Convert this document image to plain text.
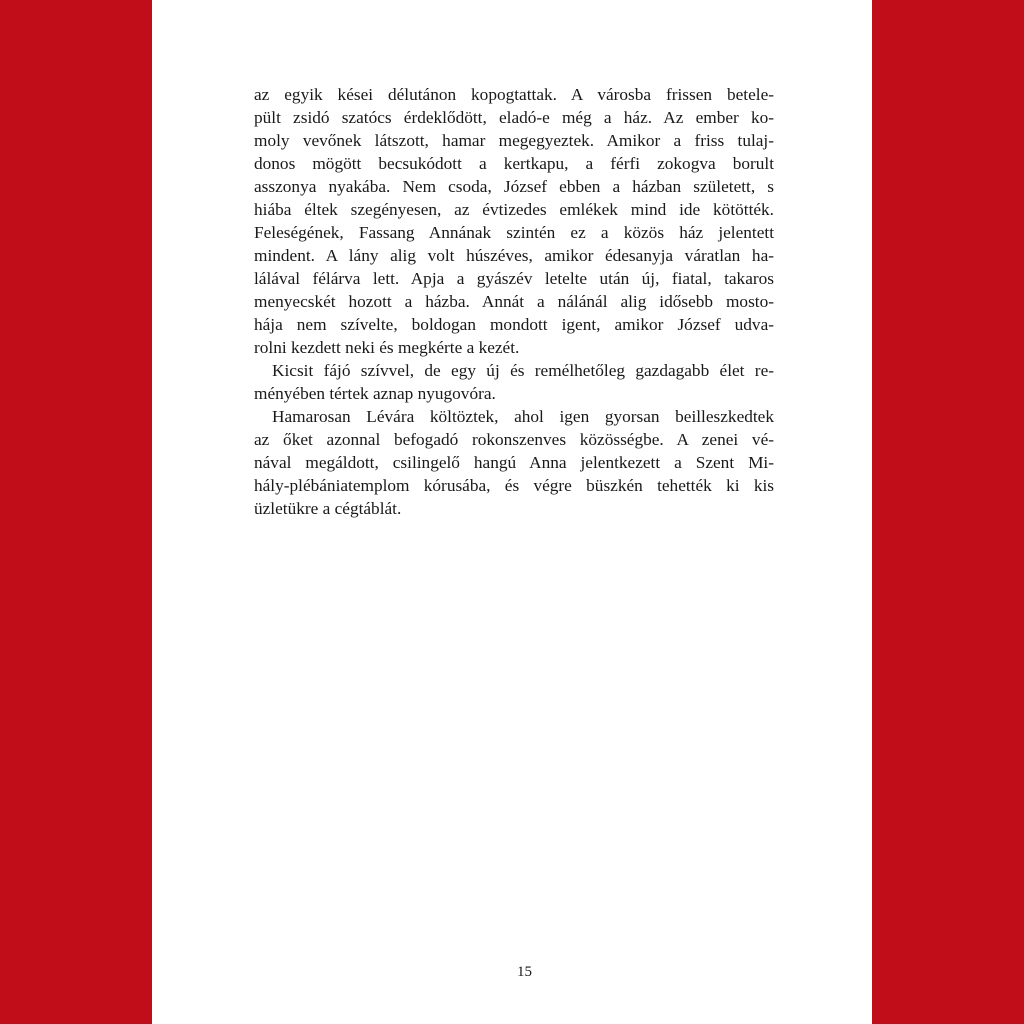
az egyik kései délutánon kopogtattak. A városba frissen betele-
pült zsidó szatócs érdeklődött, eladó-e még a ház. Az ember ko-
moly vevőnek látszott, hamar megegyeztek. Amikor a friss tulaj-
donos mögött becsukódott a kertkapu, a férfi zokogva borult
asszonya nyakába. Nem csoda, József ebben a házban született, s
hiába éltek szegényesen, az évtizedes emlékek mind ide kötötték.
Feleségének, Fassang Annának szintén ez a közös ház jelentett
mindent. A lány alig volt húszéves, amikor édesanyja váratlan ha-
lálával félárva lett. Apja a gyászév letelte után új, fiatal, takaros
menyecskét hozott a házba. Annát a nálánál alig idősebb mosto-
hája nem szívelte, boldogan mondott igent, amikor József udva-
rolni kezdett neki és megkérte a kezét.
Kicsit fájó szívvel, de egy új és remélhetőleg gazdagabb élet re-
ményében tértek aznap nyugovóra.
Hamarosan Lévára költöztek, ahol igen gyorsan beilleszkedtek
az őket azonnal befogadó rokonszenves közösségbe. A zenei vé-
nával megáldott, csilingelő hangú Anna jelentkezett a Szent Mi-
hály-plébániatemplom kórusába, és végre büszkén tehették ki kis
üzletükre a cégtáblát.
15
